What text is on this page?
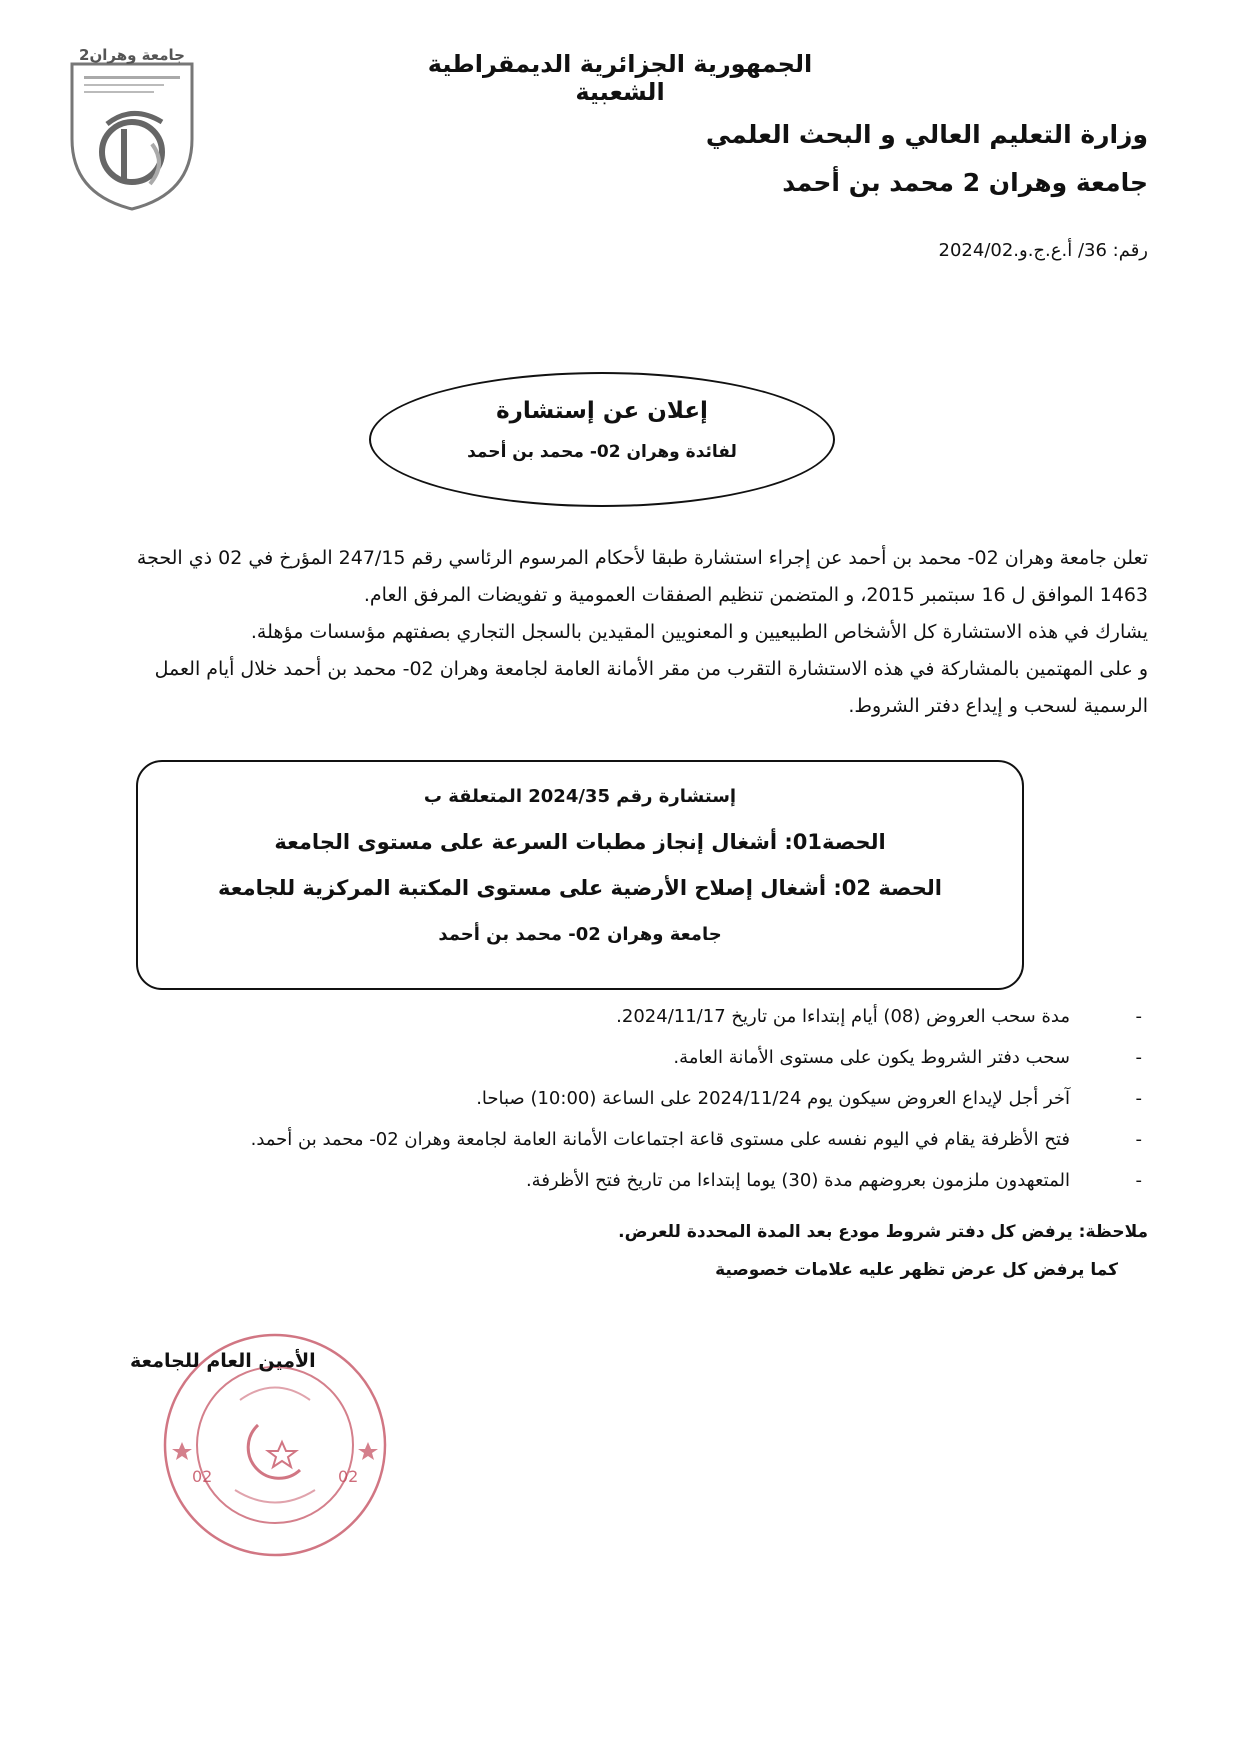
جامعة وهران2	الجمهورية الجزائرية الديمقراطية الشعبية
وزارة التعليم العالي و البحث العلمي
جامعة وهران 2 محمد بن أحمد
رقم: 36/ أ.ع.ج.و.2024/02
إعلان عن إستشارة
لفائدة وهران 02- محمد بن أحمد

تعلن جامعة وهران 02- محمد بن أحمد عن إجراء استشارة طبقا لأحكام المرسوم الرئاسي رقم 247/15 المؤرخ في 02 ذي الحجة 1463 الموافق ل 16 سبتمبر 2015، و المتضمن تنظيم الصفقات العمومية و تفويضات المرفق العام.

يشارك في هذه الاستشارة كل الأشخاص الطبيعيين و المعنويين المقيدين بالسجل التجاري بصفتهم مؤسسات مؤهلة.

و على المهتمين بالمشاركة في هذه الاستشارة التقرب من مقر الأمانة العامة لجامعة وهران 02- محمد بن أحمد خلال أيام العمل الرسمية لسحب و إيداع دفتر الشروط.

إستشارة رقم 2024/35 المتعلقة ب
الحصة01: أشغال إنجاز مطبات السرعة على مستوى الجامعة
الحصة 02: أشغال إصلاح الأرضية على مستوى المكتبة المركزية للجامعة
جامعة وهران 02- محمد بن أحمد
- مدة سحب العروض (08) أيام إبتداءا من تاريخ 2024/11/17.
- سحب دفتر الشروط يكون على مستوى الأمانة العامة.
- آخر أجل لإيداع العروض سيكون يوم 2024/11/24 على الساعة (10:00) صباحا.
- فتح الأظرفة يقام في اليوم نفسه على مستوى قاعة اجتماعات الأمانة العامة لجامعة وهران 02- محمد بن أحمد.
- المتعهدون ملزمون بعروضهم مدة (30) يوما إبتداءا من تاريخ فتح الأظرفة.
ملاحظة: يرفض كل دفتر شروط مودع بعد المدة المحددة للعرض.
كما يرفض كل عرض تظهر عليه علامات خصوصية
02	02
الأمين العام للجامعة
